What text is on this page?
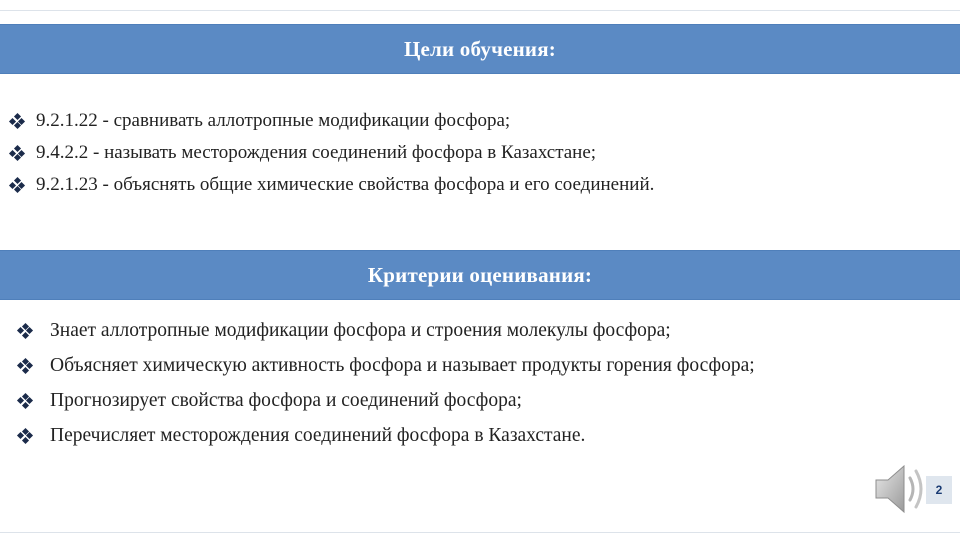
Цели обучения:
9.2.1.22 - сравнивать аллотропные модификации фосфора;
9.4.2.2 - называть месторождения соединений фосфора в Казахстане;
9.2.1.23 - объяснять общие химические свойства фосфора и его соединений.
Критерии оценивания:
Знает аллотропные модификации фосфора и строения молекулы фосфора;
Объясняет химическую активность фосфора и называет продукты горения фосфора;
Прогнозирует свойства фосфора и соединений фосфора;
Перечисляет месторождения соединений фосфора в Казахстане.
2
